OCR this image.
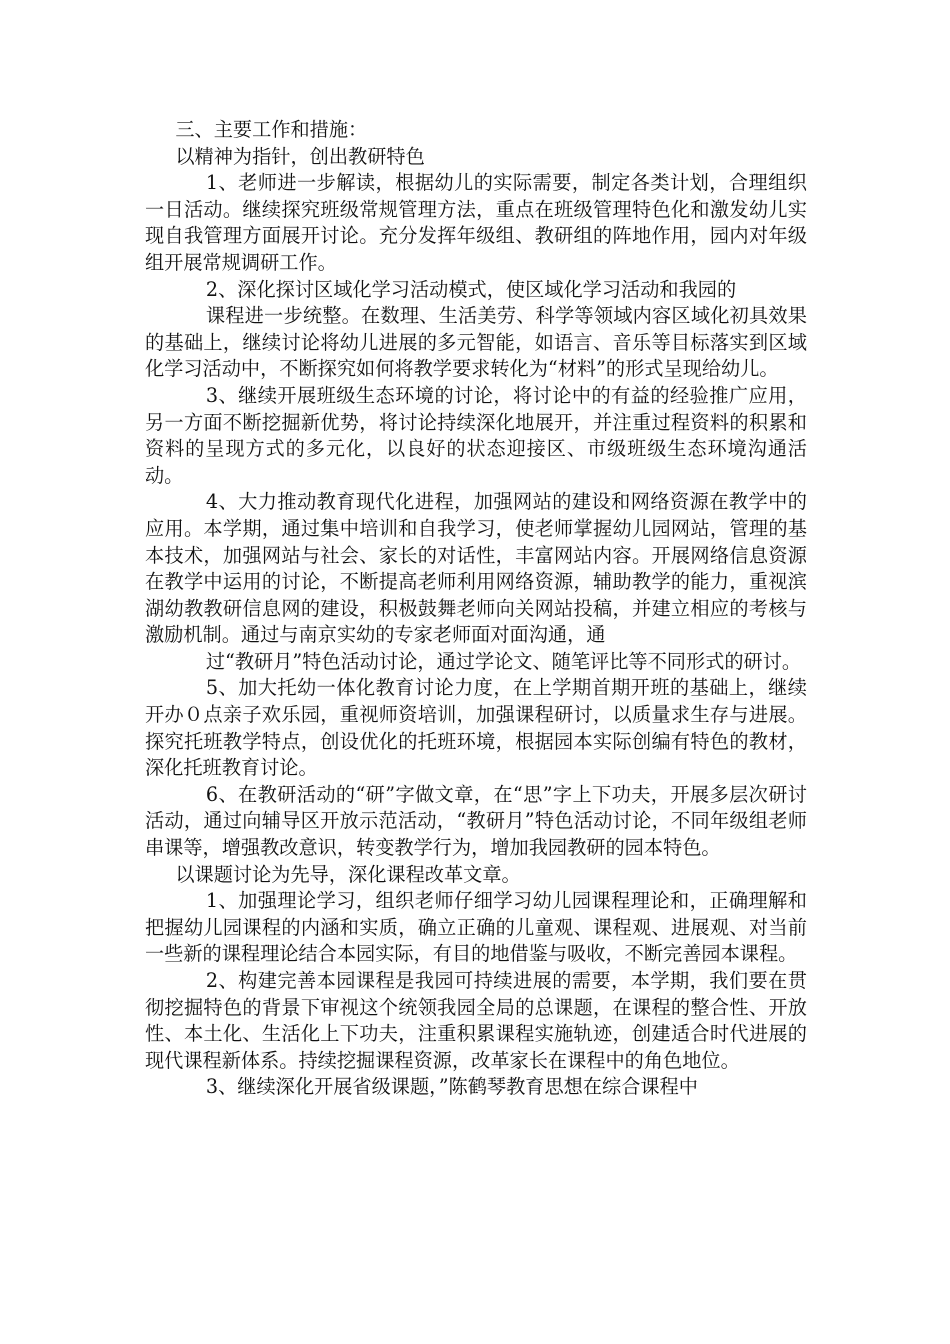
三、主要工作和措施：

以精神为指针，创出教研特色

1、老师进一步解读，根据幼儿的实际需要，制定各类计划，合理组织一日活动。继续探究班级常规管理方法，重点在班级管理特色化和激发幼儿实现自我管理方面展开讨论。充分发挥年级组、教研组的阵地作用，园内对年级组开展常规调研工作。

2、深化探讨区域化学习活动模式，使区域化学习活动和我园的

课程进一步统整。在数理、生活美劳、科学等领域内容区域化初具效果的基础上，继续讨论将幼儿进展的多元智能，如语言、音乐等目标落实到区域化学习活动中，不断探究如何将教学要求转化为“材料”的形式呈现给幼儿。

3、继续开展班级生态环境的讨论，将讨论中的有益的经验推广应用，另一方面不断挖掘新优势，将讨论持续深化地展开，并注重过程资料的积累和资料的呈现方式的多元化，以良好的状态迎接区、市级班级生态环境沟通活动。

4、大力推动教育现代化进程，加强网站的建设和网络资源在教学中的应用。本学期，通过集中培训和自我学习，使老师掌握幼儿园网站，管理的基本技术，加强网站与社会、家长的对话性，丰富网站内容。开展网络信息资源在教学中运用的讨论，不断提高老师利用网络资源，辅助教学的能力，重视滨湖幼教教研信息网的建设，积极鼓舞老师向关网站投稿，并建立相应的考核与激励机制。通过与南京实幼的专家老师面对面沟通，通

过“教研月”特色活动讨论，通过学论文、随笔评比等不同形式的研讨。

5、加大托幼一体化教育讨论力度，在上学期首期开班的基础上，继续开办０点亲子欢乐园，重视师资培训，加强课程研讨，以质量求生存与进展。探究托班教学特点，创设优化的托班环境，根据园本实际创编有特色的教材，深化托班教育讨论。

6、在教研活动的“研”字做文章，在“思”字上下功夫，开展多层次研讨活动，通过向辅导区开放示范活动，“教研月”特色活动讨论，不同年级组老师串课等，增强教改意识，转变教学行为，增加我园教研的园本特色。

以课题讨论为先导，深化课程改革文章。

1、加强理论学习，组织老师仔细学习幼儿园课程理论和，正确理解和把握幼儿园课程的内涵和实质，确立正确的儿童观、课程观、进展观、对当前一些新的课程理论结合本园实际，有目的地借鉴与吸收，不断完善园本课程。

2、构建完善本园课程是我园可持续进展的需要，本学期，我们要在贯彻挖掘特色的背景下审视这个统领我园全局的总课题，在课程的整合性、开放性、本土化、生活化上下功夫，注重积累课程实施轨迹，创建适合时代进展的现代课程新体系。持续挖掘课程资源，改革家长在课程中的角色地位。

3、继续深化开展省级课题，”陈鹤琴教育思想在综合课程中
